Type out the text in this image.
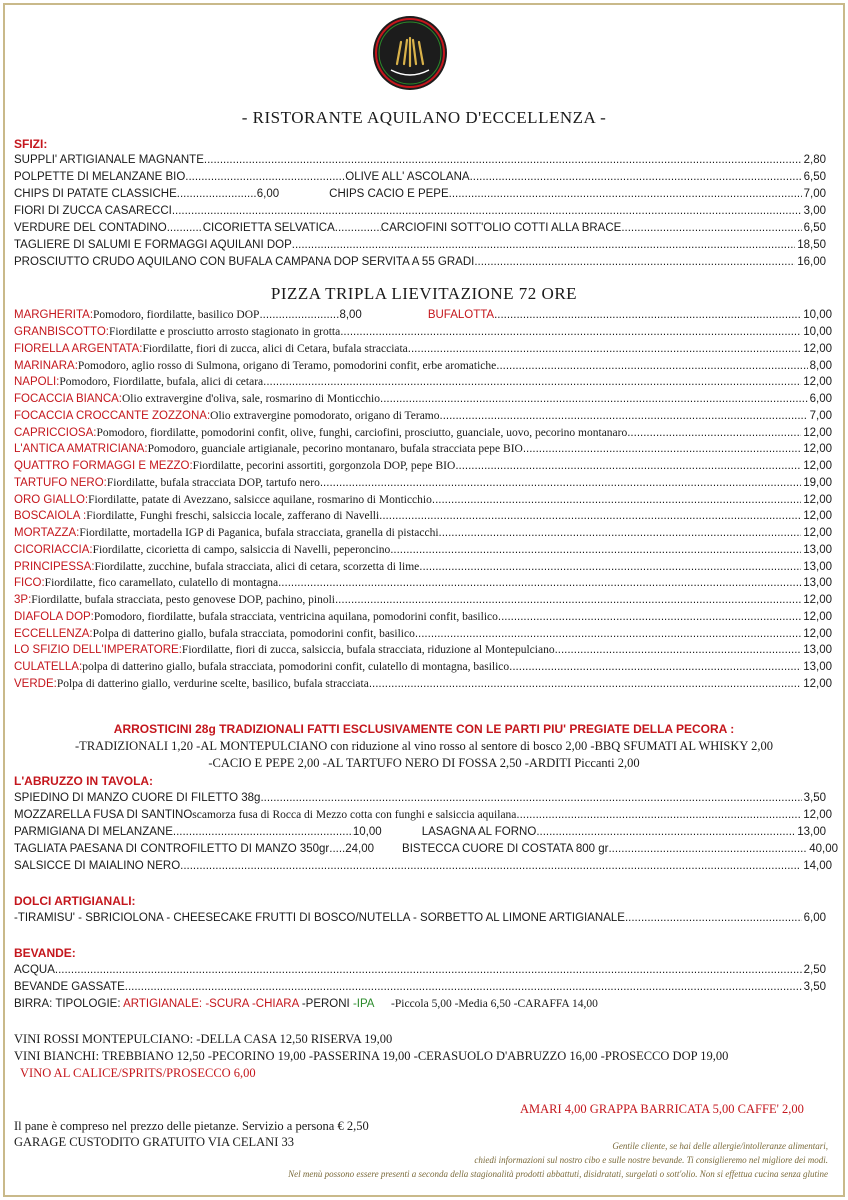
- RISTORANTE AQUILANO D'ECCELLENZA -
SFIZI:
SUPPLI' ARTIGIANALE MAGNANTE .....	2,80
POLPETTE DI MELANZANE BIO .....	OLIVE ALL' ASCOLANA .....	6,50
CHIPS DI PATATE CLASSICHE .....	6,00	CHIPS CACIO E PEPE .....	7,00
FIORI DI ZUCCA CASARECCI .....	3,00
VERDURE DEL CONTADINO .....	CICORIETTA SELVATICA .....	CARCIOFINI SOTT'OLIO COTTI ALLA BRACE .....	6,50
TAGLIERE DI SALUMI E FORMAGGI AQUILANI DOP .....	18,50
PROSCIUTTO CRUDO AQUILANO CON BUFALA CAMPANA DOP SERVITA A 55 GRADI .....	16,00
PIZZA TRIPLA LIEVITAZIONE 72 ORE
MARGHERITA: Pomodoro, fiordilatte, basilico DOP .....	8,00	BUFALOTTA .....	10,00
GRANBISCOTTO: Fiordilatte e prosciutto arrosto stagionato in grotta .....	10,00
FIORELLA ARGENTATA: Fiordilatte, fiori di zucca, alici di Cetara, bufala stracciata .....	12,00
MARINARA: Pomodoro, aglio rosso di Sulmona, origano di Teramo, pomodorini confit, erbe aromatiche .....	8,00
NAPOLI: Pomodoro, Fiordilatte, bufala, alici di cetara .....	12,00
FOCACCIA BIANCA: Olio extravergine d'oliva, sale, rosmarino di Monticchio .....	6,00
FOCACCIA CROCCANTE ZOZZONA: Olio extravergine pomodorato, origano di Teramo .....	7,00
CAPRICCIOSA: Pomodoro, fiordilatte, pomodorini confit, olive, funghi, carciofini, prosciutto, guanciale, uovo, pecorino montanaro .....	12,00
L'ANTICA AMATRICIANA: Pomodoro, guanciale artigianale, pecorino montanaro, bufala stracciata pepe BIO .....	12,00
QUATTRO FORMAGGI E MEZZO: Fiordilatte, pecorini assortiti, gorgonzola DOP, pepe BIO .....	12,00
TARTUFO NERO: Fiordilatte, bufala stracciata DOP, tartufo nero .....	19,00
ORO GIALLO: Fiordilatte, patate di Avezzano, salsicce aquilane, rosmarino di Monticchio .....	12,00
BOSCAIOLA : Fiordilatte, Funghi freschi, salsiccia locale, zafferano di Navelli .....	12,00
MORTAZZA: Fiordilatte, mortadella IGP di Paganica, bufala stracciata, granella di pistacchi .....	12,00
CICORIACCIA: Fiordilatte, cicorietta di campo, salsiccia di Navelli, peperoncino .....	13,00
PRINCIPESSA: Fiordilatte, zucchine, bufala stracciata, alici di cetara, scorzetta di lime .....	13,00
FICO: Fiordilatte, fico caramellato, culatello di montagna .....	13,00
3P: Fiordilatte, bufala stracciata, pesto genovese DOP, pachino, pinoli .....	12,00
DIAFOLA DOP: Pomodoro, fiordilatte, bufala stracciata, ventricina aquilana, pomodorini confit, basilico .....	12,00
ECCELLENZA: Polpa di datterino giallo, bufala stracciata, pomodorini confit, basilico .....	12,00
LO SFIZIO DELL'IMPERATORE: Fiordilatte, fiori di zucca, salsiccia, bufala stracciata, riduzione al Montepulciano .....	13,00
CULATELLA: polpa di datterino giallo, bufala stracciata, pomodorini confit, culatello di montagna, basilico .....	13,00
VERDE: Polpa di datterino giallo, verdurine scelte, basilico, bufala stracciata .....	12,00
ARROSTICINI 28g TRADIZIONALI FATTI ESCLUSIVAMENTE CON LE PARTI PIU' PREGIATE DELLA PECORA :
-TRADIZIONALI 1,20 -AL MONTEPULCIANO con riduzione al vino rosso al sentore di bosco 2,00 -BBQ SFUMATI AL WHISKY 2,00
-CACIO E PEPE 2,00 -AL TARTUFO NERO DI FOSSA 2,50 -ARDITI Piccanti 2,00
L'ABRUZZO IN TAVOLA:
SPIEDINO DI MANZO CUORE DI FILETTO 38g .....	3,50
MOZZARELLA FUSA DI SANTINO scamorza fusa di Rocca di Mezzo cotta con funghi e salsiccia aquilana .....	12,00
PARMIGIANA DI MELANZANE .....	10,00	LASAGNA AL FORNO .....	13,00
TAGLIATA PAESANA DI CONTROFILETTO DI MANZO 350gr ..... 24,00 BISTECCA CUORE DI COSTATA 800 gr .....	40,00
SALSICCE DI MAIALINO NERO .....	14,00
DOLCI ARTIGIANALI:
-TIRAMISU' - SBRICIOLONA - CHEESECAKE FRUTTI DI BOSCO/NUTELLA - SORBETTO AL LIMONE ARTIGIANALE .....	6,00
BEVANDE:
ACQUA .....	2,50
BEVANDE GASSATE .....	3,50
BIRRA: TIPOLOGIE: ARTIGIANALE: -SCURA -CHIARA -PERONI -IPA -Piccola 5,00 -Media 6,50 -CARAFFA 14,00
VINI ROSSI MONTEPULCIANO: -DELLA CASA 12,50 RISERVA 19,00
VINI BIANCHI: TREBBIANO 12,50 -PECORINO 19,00 -PASSERINA 19,00 -CERASUOLO D'ABRUZZO 16,00 -PROSECCO DOP 19,00
VINO AL CALICE/SPRITS/PROSECCO 6,00
AMARI 4,00 GRAPPA BARRICATA 5,00 CAFFE' 2,00
Il pane è compreso nel prezzo delle pietanze. Servizio a persona € 2,50
GARAGE CUSTODITO GRATUITO VIA CELANI 33	Gentile cliente, se hai delle allergie/intolleranze alimentari,
chiedi informazioni sul nostro cibo e sulle nostre bevande. Ti consiglieremo nel migliore dei modi.
Nel menù possono essere presenti a seconda della stagionalità prodotti abbattuti, disidratati, surgelati o sott'olio. Non si effettua cucina senza glutine
